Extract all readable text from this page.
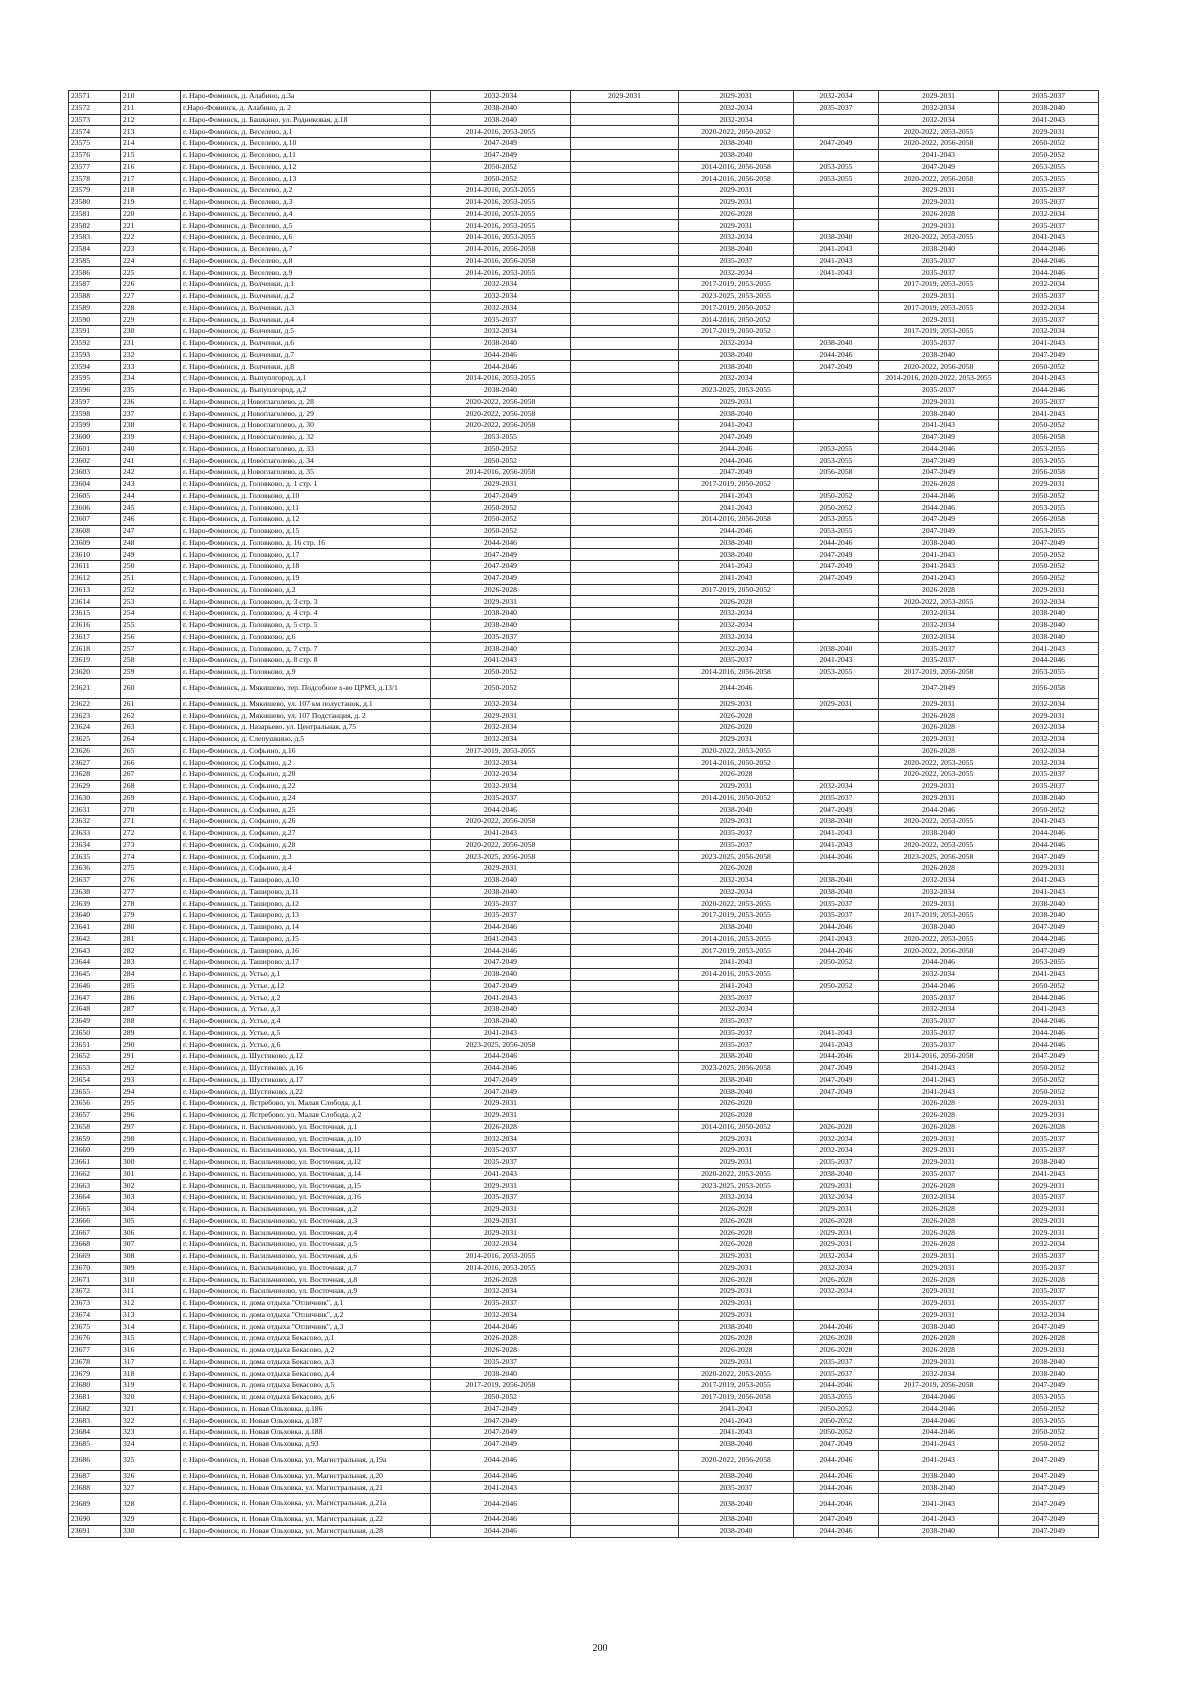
23571	210	г. Наро-Фоминск, д. Алабино, д.3а	2032-2034	2029-2031	2029-2031	2032-2034	2029-2031	2035-2037
23572	211	г.Наро-Фоминск, д. Алабино, д. 2	2038-2040		2032-2034	2035-2037	2032-2034	2038-2040
23573	212	г. Наро-Фоминск, д. Башкино, ул. Родниковая, д.18	2038-2040		2032-2034		2032-2034	2041-2043
23574	213	г. Наро-Фоминск, д. Веселево, д.1	2014-2016, 2053-2055		2020-2022, 2050-2052		2020-2022, 2053-2055	2029-2031
23575	214	г. Наро-Фоминск, д. Веселево, д.10	2047-2049		2038-2040	2047-2049	2020-2022, 2056-2058	2050-2052
23576	215	г. Наро-Фоминск, д. Веселево, д.11	2047-2049		2038-2040		2041-2043	2050-2052
23577	216	г. Наро-Фоминск, д. Веселево, д.12	2050-2052		2014-2016, 2056-2058	2053-2055	2047-2049	2053-2055
23578	217	г. Наро-Фоминск, д. Веселево, д.13	2050-2052		2014-2016, 2056-2058	2053-2055	2020-2022, 2056-2058	2053-2055
23579	218	г. Наро-Фоминск, д. Веселево, д.2	2014-2016, 2053-2055		2029-2031		2029-2031	2035-2037
23580	219	г. Наро-Фоминск, д. Веселево, д.3	2014-2016, 2053-2055		2029-2031		2029-2031	2035-2037
23581	220	г. Наро-Фоминск, д. Веселево, д.4	2014-2016, 2053-2055		2026-2028		2026-2028	2032-2034
23582	221	г. Наро-Фоминск, д. Веселево, д.5	2014-2016, 2053-2055		2029-2031		2029-2031	2035-2037
23583	222	г. Наро-Фоминск, д. Веселево, д.6	2014-2016, 2053-2055		2032-2034	2038-2040	2020-2022, 2053-2055	2041-2043
23584	223	г. Наро-Фоминск, д. Веселево, д.7	2014-2016, 2056-2058		2038-2040	2041-2043	2038-2040	2044-2046
23585	224	г. Наро-Фоминск, д. Веселево, д.8	2014-2016, 2056-2058		2035-2037	2041-2043	2035-2037	2044-2046
23586	225	г. Наро-Фоминск, д. Веселево, д.9	2014-2016, 2053-2055		2032-2034	2041-2043	2035-2037	2044-2046
23587	226	г. Наро-Фоминск, д. Волченки, д.1	2032-2034		2017-2019, 2053-2055		2017-2019, 2053-2055	2032-2034
23588	227	г. Наро-Фоминск, д. Волченки, д.2	2032-2034		2023-2025, 2053-2055		2029-2031	2035-2037
23589	228	г. Наро-Фоминск, д. Волченки, д.3	2032-2034		2017-2019, 2050-2052		2017-2019, 2053-2055	2032-2034
23590	229	г. Наро-Фоминск, д. Волченки, д.4	2035-2037		2014-2016, 2050-2052		2029-2031	2035-2037
23591	230	г. Наро-Фоминск, д. Волченки, д.5	2032-2034		2017-2019, 2050-2052		2017-2019, 2053-2055	2032-2034
23592	231	г. Наро-Фоминск, д. Волченки, д.6	2038-2040		2032-2034	2038-2040	2035-2037	2041-2043
23593	232	г. Наро-Фоминск, д. Волченки, д.7	2044-2046		2038-2040	2044-2046	2038-2040	2047-2049
23594	233	г. Наро-Фоминск, д. Волченки, д.8	2044-2046		2038-2040	2047-2049	2020-2022, 2056-2058	2050-2052
23595	234	г. Наро-Фоминск, д. Выпуплгород, д.1	2014-2016, 2053-2055		2032-2034		2014-2016, 2020-2022, 2053-2055	2041-2043
23596	235	г. Наро-Фоминск, д. Выпуплгород, д.2	2038-2040		2023-2025, 2053-2055		2035-2037	2044-2046
23597	236	г. Наро-Фоминск, д Новоглаголево, д. 28	2020-2022, 2056-2058		2029-2031		2029-2031	2035-2037
23598	237	г. Наро-Фоминск, д Новоглаголево, д. 29	2020-2022, 2056-2058		2038-2040		2038-2040	2041-2043
23599	238	г. Наро-Фоминск, д Новоглаголево, д. 30	2020-2022, 2056-2058		2041-2043		2041-2043	2050-2052
23600	239	г. Наро-Фоминск, д Новоглаголево, д. 32	2053-2055		2047-2049		2047-2049	2056-2058
23601	240	г. Наро-Фоминск, д Новоглаголево, д. 33	2050-2052		2044-2046	2053-2055	2044-2046	2053-2055
23602	241	г. Наро-Фоминск, д Новоглаголево, д. 34	2050-2052		2044-2046	2053-2055	2047-2049	2053-2055
23603	242	г. Наро-Фоминск, д Новоглаголево, д. 35	2014-2016, 2056-2058		2047-2049	2056-2058	2047-2049	2056-2058
23604	243	г. Наро-Фоминск, д. Головково, д. 1 стр. 1	2029-2031		2017-2019, 2050-2052		2026-2028	2029-2031
23605	244	г. Наро-Фоминск, д. Головково, д.10	2047-2049		2041-2043	2050-2052	2044-2046	2050-2052
23606	245	г. Наро-Фоминск, д. Головково, д.11	2050-2052		2041-2043	2050-2052	2044-2046	2053-2055
23607	246	г. Наро-Фоминск, д. Головково, д.12	2050-2052		2014-2016, 2056-2058	2053-2055	2047-2049	2056-2058
23608	247	г. Наро-Фоминск, д. Головково, д.15	2050-2052		2044-2046	2053-2055	2047-2049	2053-2055
23609	248	г. Наро-Фоминск, д. Головково, д. 16 стр. 16	2044-2046		2038-2040	2044-2046	2038-2040	2047-2049
23610	249	г. Наро-Фоминск, д. Головково, д.17	2047-2049		2038-2040	2047-2049	2041-2043	2050-2052
23611	250	г. Наро-Фоминск, д. Головково, д.18	2047-2049		2041-2043	2047-2049	2041-2043	2050-2052
23612	251	г. Наро-Фоминск, д. Головково, д.19	2047-2049		2041-2043	2047-2049	2041-2043	2050-2052
23613	252	г. Наро-Фоминск, д. Головково, д.2	2026-2028		2017-2019, 2050-2052		2026-2028	2029-2031
23614	253	г. Наро-Фоминск, д. Головково, д. 3 стр. 3	2029-2031		2026-2028		2020-2022, 2053-2055	2032-2034
23615	254	г. Наро-Фоминск, д. Головково, д. 4 стр. 4	2038-2040		2032-2034		2032-2034	2038-2040
23616	255	г. Наро-Фоминск, д. Головково, д. 5 стр. 5	2038-2040		2032-2034		2032-2034	2038-2040
23617	256	г. Наро-Фоминск, д. Головково, д.6	2035-2037		2032-2034		2032-2034	2038-2040
23618	257	г. Наро-Фоминск, д. Головково, д. 7 стр. 7	2038-2040		2032-2034	2038-2040	2035-2037	2041-2043
23619	258	г. Наро-Фоминск, д. Головково, д. 8 стр. 8	2041-2043		2035-2037	2041-2043	2035-2037	2044-2046
23620	259	г. Наро-Фоминск, д. Головково, д.9	2050-2052		2014-2016, 2056-2058	2053-2055	2017-2019, 2056-2058	2053-2055
23621	260	г. Наро-Фоминск, д. Мякишево, тер. Подсобное х-во ЦРМЗ, д.13/1	2050-2052		2044-2046		2047-2049	2056-2058
23622	261	г. Наро-Фоминск, д. Мякишево, ул. 107 км полустанок, д.1	2032-2034		2029-2031	2029-2031	2029-2031	2032-2034
23623	262	г. Наро-Фоминск, д. Мякишево, ул. 107 Подстанция, д. 2	2029-2031		2026-2028		2026-2028	2029-2031
23624	263	г. Наро-Фоминск, д. Назарьево, ул. Центральная, д.75	2032-2034		2026-2028		2026-2028	2032-2034
23625	264	г. Наро-Фоминск, д. Слепушкино, д.5	2032-2034		2029-2031		2029-2031	2032-2034
23626	265	г. Наро-Фоминск, д. Софьино, д.16	2017-2019, 2053-2055		2020-2022, 2053-2055		2026-2028	2032-2034
23627	266	г. Наро-Фоминск, д. Софьино, д.2	2032-2034		2014-2016, 2050-2052		2020-2022, 2053-2055	2032-2034
23628	267	г. Наро-Фоминск, д. Софьино, д.20	2032-2034		2026-2028		2020-2022, 2053-2055	2035-2037
23629	268	г. Наро-Фоминск, д. Софьино, д.22	2032-2034		2029-2031	2032-2034	2029-2031	2035-2037
23630	269	г. Наро-Фоминск, д. Софьино, д.24	2035-2037		2014-2016, 2050-2052	2035-2037	2029-2031	2038-2040
23631	270	г. Наро-Фоминск, д. Софьино, д.25	2044-2046		2038-2040	2047-2049	2044-2046	2050-2052
23632	271	г. Наро-Фоминск, д. Софьино, д.26	2020-2022, 2056-2058		2029-2031	2038-2040	2020-2022, 2053-2055	2041-2043
23633	272	г. Наро-Фоминск, д. Софьино, д.27	2041-2043		2035-2037	2041-2043	2038-2040	2044-2046
23634	273	г. Наро-Фоминск, д. Софьино, д.28	2020-2022, 2056-2058		2035-2037	2041-2043	2020-2022, 2053-2055	2044-2046
23635	274	г. Наро-Фоминск, д. Софьино, д.3	2023-2025, 2056-2058		2023-2025, 2056-2058	2044-2046	2023-2025, 2056-2058	2047-2049
23636	275	г. Наро-Фоминск, д. Софьино, д.4	2029-2031		2026-2028		2026-2028	2029-2031
23637	276	г. Наро-Фоминск, д. Таширово, д.10	2038-2040		2032-2034	2038-2040	2032-2034	2041-2043
23638	277	г. Наро-Фоминск, д. Таширово, д.11	2038-2040		2032-2034	2038-2040	2032-2034	2041-2043
23639	278	г. Наро-Фоминск, д. Таширово, д.12	2035-2037		2020-2022, 2053-2055	2035-2037	2029-2031	2038-2040
23640	279	г. Наро-Фоминск, д. Таширово, д.13	2035-2037		2017-2019, 2053-2055	2035-2037	2017-2019, 2053-2055	2038-2040
23641	280	г. Наро-Фоминск, д. Таширово, д.14	2044-2046		2038-2040	2044-2046	2038-2040	2047-2049
23642	281	г. Наро-Фоминск, д. Таширово, д.15	2041-2043		2014-2016, 2053-2055	2041-2043	2020-2022, 2053-2055	2044-2046
23643	282	г. Наро-Фоминск, д. Таширово, д.16	2044-2046		2017-2019, 2053-2055	2044-2046	2020-2022, 2056-2058	2047-2049
23644	283	г. Наро-Фоминск, д. Таширово, д.17	2047-2049		2041-2043	2050-2052	2044-2046	2053-2055
23645	284	г. Наро-Фоминск, д. Устье, д.1	2038-2040		2014-2016, 2053-2055		2032-2034	2041-2043
23646	285	г. Наро-Фоминск, д. Устье, д.12	2047-2049		2041-2043	2050-2052	2044-2046	2050-2052
23647	286	г. Наро-Фоминск, д. Устье, д.2	2041-2043		2035-2037		2035-2037	2044-2046
23648	287	г. Наро-Фоминск, д. Устье, д.3	2038-2040		2032-2034		2032-2034	2041-2043
23649	288	г. Наро-Фоминск, д. Устье, д.4	2038-2040		2035-2037		2035-2037	2044-2046
23650	289	г. Наро-Фоминск, д. Устье, д.5	2041-2043		2035-2037	2041-2043	2035-2037	2044-2046
23651	290	г. Наро-Фоминск, д. Устье, д.6	2023-2025, 2056-2058		2035-2037	2041-2043	2035-2037	2044-2046
23652	291	г. Наро-Фоминск, д. Шустиково, д.12	2044-2046		2038-2040	2044-2046	2014-2016, 2056-2058	2047-2049
23653	292	г. Наро-Фоминск, д. Шустиково, д.16	2044-2046		2023-2025, 2056-2058	2047-2049	2041-2043	2050-2052
23654	293	г. Наро-Фоминск, д. Шустиково, д.17	2047-2049		2038-2040	2047-2049	2041-2043	2050-2052
23655	294	г. Наро-Фоминск, д. Шустиково, д.22	2047-2049		2038-2040	2047-2049	2041-2043	2050-2052
23656	295	г. Наро-Фоминск, д. Ястребово, ул. Малая Слобода, д.1	2029-2031		2026-2028		2026-2028	2029-2031
23657	296	г. Наро-Фоминск, д. Ястребово, ул. Малая Слобода, д.2	2029-2031		2026-2028		2026-2028	2029-2031
23658	297	г. Наро-Фоминск, п. Васильчиново, ул. Восточная, д.1	2026-2028		2014-2016, 2050-2052	2026-2028	2026-2028	2026-2028
23659	298	г. Наро-Фоминск, п. Васильчиново, ул. Восточная, д.10	2032-2034		2029-2031	2032-2034	2029-2031	2035-2037
23660	299	г. Наро-Фоминск, п. Васильчиново, ул. Восточная, д.11	2035-2037		2029-2031	2032-2034	2029-2031	2035-2037
23661	300	г. Наро-Фоминск, п. Васильчиново, ул. Восточная, д.12	2035-2037		2029-2031	2035-2037	2029-2031	2038-2040
23662	301	г. Наро-Фоминск, п. Васильчиново, ул. Восточная, д.14	2041-2043		2020-2022, 2053-2055	2038-2040	2035-2037	2041-2043
23663	302	г. Наро-Фоминск, п. Васильчиново, ул. Восточная, д.15	2029-2031		2023-2025, 2053-2055	2029-2031	2026-2028	2029-2031
23664	303	г. Наро-Фоминск, п. Васильчиново, ул. Восточная, д.16	2035-2037		2032-2034	2032-2034	2032-2034	2035-2037
23665	304	г. Наро-Фоминск, п. Васильчиново, ул. Восточная, д.2	2029-2031		2026-2028	2029-2031	2026-2028	2029-2031
23666	305	г. Наро-Фоминск, п. Васильчиново, ул. Восточная, д.3	2029-2031		2026-2028	2026-2028	2026-2028	2029-2031
23667	306	г. Наро-Фоминск, п. Васильчиново, ул. Восточная, д.4	2029-2031		2026-2028	2029-2031	2026-2028	2029-2031
23668	307	г. Наро-Фоминск, п. Васильчиново, ул. Восточная, д.5	2032-2034		2026-2028	2029-2031	2026-2028	2032-2034
23669	308	г. Наро-Фоминск, п. Васильчиново, ул. Восточная, д.6	2014-2016, 2053-2055		2029-2031	2032-2034	2029-2031	2035-2037
23670	309	г. Наро-Фоминск, п. Васильчиново, ул. Восточная, д.7	2014-2016, 2053-2055		2029-2031	2032-2034	2029-2031	2035-2037
23671	310	г. Наро-Фоминск, п. Васильчиново, ул. Восточная, д.8	2026-2028		2026-2028	2026-2028	2026-2028	2026-2028
23672	311	г. Наро-Фоминск, п. Васильчиново, ул. Восточная, д.9	2032-2034		2029-2031	2032-2034	2029-2031	2035-2037
23673	312	г. Наро-Фоминск, п. дома отдыха "Отличник", д.1	2035-2037		2029-2031		2029-2031	2035-2037
23674	313	г. Наро-Фоминск, п. дома отдыха "Отличник", д.2	2032-2034		2029-2031		2029-2031	2032-2034
23675	314	г. Наро-Фоминск, п. дома отдыха "Отличник", д.3	2044-2046		2038-2040	2044-2046	2038-2040	2047-2049
23676	315	г. Наро-Фоминск, п. дома отдыха Бекасово, д.1	2026-2028		2026-2028	2026-2028	2026-2028	2026-2028
23677	316	г. Наро-Фоминск, п. дома отдыха Бекасово, д.2	2026-2028		2026-2028	2026-2028	2026-2028	2029-2031
23678	317	г. Наро-Фоминск, п. дома отдыха Бекасово, д.3	2035-2037		2029-2031	2035-2037	2029-2031	2038-2040
23679	318	г. Наро-Фоминск, п. дома отдыха Бекасово, д.4	2038-2040		2020-2022, 2053-2055	2035-2037	2032-2034	2038-2040
23680	319	г. Наро-Фоминск, п. дома отдыха Бекасово, д.5	2017-2019, 2056-2058		2017-2019, 2053-2055	2044-2046	2017-2019, 2056-2058	2047-2049
23681	320	г. Наро-Фоминск, п. дома отдыха Бекасово, д.6	2050-2052		2017-2019, 2056-2058	2053-2055	2044-2046	2053-2055
23682	321	г. Наро-Фоминск, п. Новая Ольховка, д.186	2047-2049		2041-2043	2050-2052	2044-2046	2050-2052
23683	322	г. Наро-Фоминск, п. Новая Ольховка, д.187	2047-2049		2041-2043	2050-2052	2044-2046	2053-2055
23684	323	г. Наро-Фоминск, п. Новая Ольховка, д.188	2047-2049		2041-2043	2050-2052	2044-2046	2050-2052
23685	324	г. Наро-Фоминск, п. Новая Ольховка, д.93	2047-2049		2038-2040	2047-2049	2041-2043	2050-2052
23686	325	г. Наро-Фоминск, п. Новая Ольховка, ул. Магистральная, д.19а	2044-2046		2020-2022, 2056-2058	2044-2046	2041-2043	2047-2049
23687	326	г. Наро-Фоминск, п. Новая Ольховка, ул. Магистральная, д.20	2044-2046		2038-2040	2044-2046	2038-2040	2047-2049
23688	327	г. Наро-Фоминск, п. Новая Ольховка, ул. Магистральная, д.21	2041-2043		2035-2037	2044-2046	2038-2040	2047-2049
23689	328	г. Наро-Фоминск, п. Новая Ольховка, ул. Магистральная, д.21а	2044-2046		2038-2040	2044-2046	2041-2043	2047-2049
23690	329	г. Наро-Фоминск, п. Новая Ольховка, ул. Магистральная, д.22	2044-2046		2038-2040	2047-2049	2041-2043	2047-2049
23691	330	г. Наро-Фоминск, п. Новая Ольховка, ул. Магистральная, д.28	2044-2046		2038-2040	2044-2046	2038-2040	2047-2049
200
